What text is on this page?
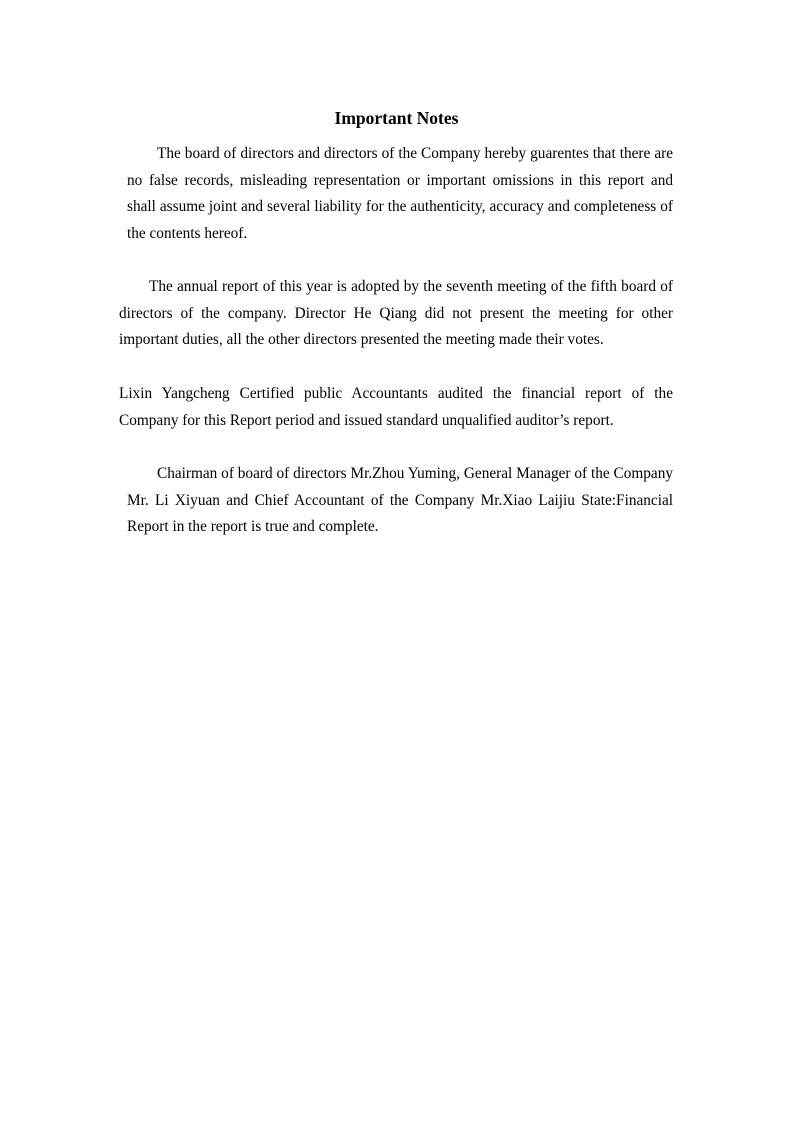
Important Notes

The board of directors and directors of the Company hereby guarentes that there are no false records, misleading representation or important omissions in this report and shall assume joint and several liability for the authenticity, accuracy and completeness of the contents hereof.

The annual report of this year is adopted by the seventh meeting of the fifth board of directors of the company. Director He Qiang did not present the meeting for other important duties, all the other directors presented the meeting made their votes.

Lixin Yangcheng Certified public Accountants audited the financial report of the Company for this Report period and issued standard unqualified auditor’s report.

Chairman of board of directors Mr.Zhou Yuming, General Manager of the Company Mr. Li Xiyuan and Chief Accountant of the Company Mr.Xiao Laijiu State:Financial Report in the report is true and complete.
